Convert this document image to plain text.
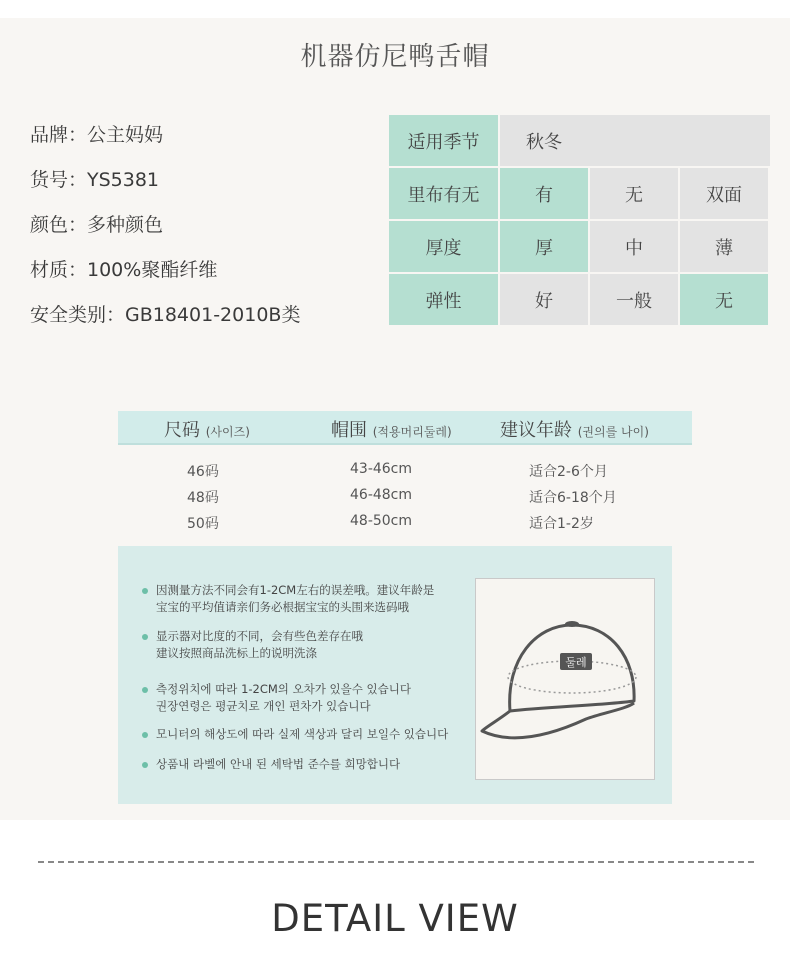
机器仿尼鸭舌帽
品牌：公主妈妈
货号：YS5381
颜色：多种颜色
材质：100%聚酯纤维
安全类别：GB18401-2010B类
适用季节	秋冬
里布有无	有	无	双面
厚度	厚	中	薄
弹性	好	一般	无
尺码 (사이즈)	帽围 (적용머리둘레)	建议年龄 (권의를 나이)
46码	43-46cm	适合2-6个月
48码	46-48cm	适合6-18个月
50码	48-50cm	适合1-2岁
因测量方法不同会有1-2CM左右的误差哦。建议年龄是
宝宝的平均值请亲们务必根据宝宝的头围来选码哦
显示器对比度的不同，会有些色差存在哦
建议按照商品洗标上的说明洗涤
측정위치에 따라 1-2CM의 오차가 있을수 있습니다
권장연령은 평균치로 개인 편차가 있습니다
모니터의 해상도에 따라 실제 색상과 달리 보일수 있습니다
상품내 라벨에 안내 된 세탁법 준수를 희망합니다
둘레
DETAIL VIEW
